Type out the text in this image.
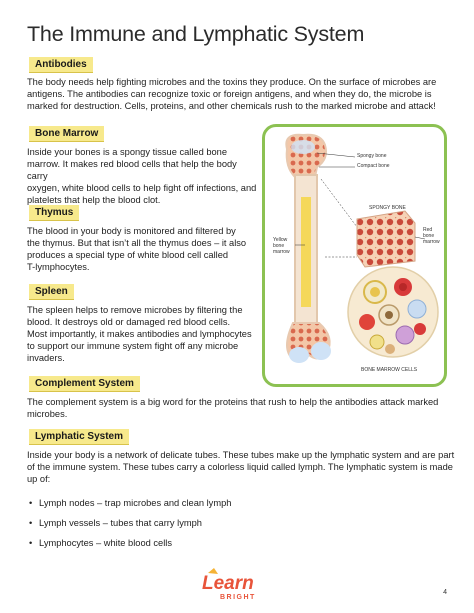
The Immune and Lymphatic System
Antibodies
The body needs help fighting microbes and the toxins they produce. On the surface of microbes are
antigens. The antibodies can recognize toxic or foreign antigens, and when they do, the microbe is
marked for destruction. Cells, proteins, and other chemicals rush to the marked microbe and attack!
Bone Marrow
Inside your bones is a spongy tissue called bone
marrow. It makes red blood cells that help the body carry
oxygen, white blood cells to help fight off infections, and
platelets that help the blood clot.
Thymus
The blood in your body is monitored and filtered by
the thymus. But that isn’t all the thymus does – it also
produces a special type of white blood cell called
T-lymphocytes.
Spleen
The spleen helps to remove microbes by filtering the
blood. It destroys old or damaged red blood cells.
Most importantly, it makes antibodies and lymphocytes
to support our immune system fight off any microbe
invaders.
Complement System
The complement system is a big word for the proteins that rush to help the antibodies attack marked
microbes.
Lymphatic System
Inside your body is a network of delicate tubes. These tubes make up the lymphatic system and are part
of the immune system. These tubes carry a colorless liquid called lymph. The lymphatic system is made
up of:
• Lymph nodes – trap microbes and clean lymph
• Lymph vessels – tubes that carry lymph
• Lymphocytes – white blood cells
Spongy bone
Compact bone
SPONGY BONE
Yellow
bone
marrow
Red
bone
marrow
BONE MARROW CELLS
Learn
BRIGHT
4
